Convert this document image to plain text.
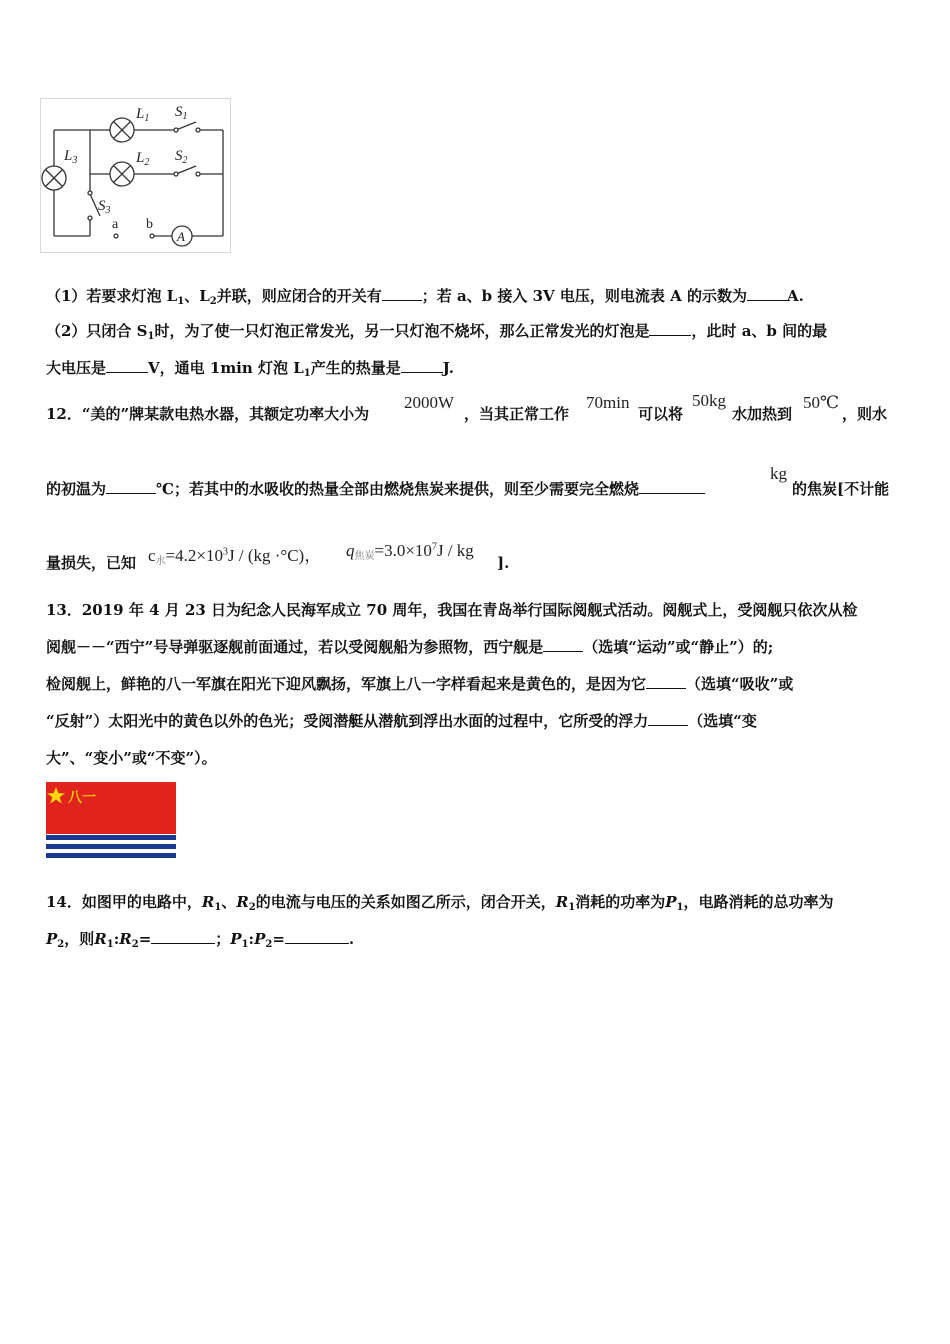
$L_1$
$L_2$
$L_3$
$S_1$
$S_2$
$S_3$
a b
A
（1）若要求灯泡 $L_1$、$L_2$并联，则应闭合的开关有	；若 a、b 接入 3V 电压，则电流表 A 的示数为	A.
（2）只闭合 $S_1$时，为了使一只灯泡正常发光，另一只灯泡不烧坏，那么正常发光的灯泡是	，此时 a、b 间的最
大电压是	V，通电 1min 灯泡 $L_1$产生的热量是	J.
12．“美的”牌某款电热水器，其额定功率大小为
2000W
，当其正常工作
70min
可以将
50kg
水加热到
50℃
，则水
的初温为	℃；若其中的水吸收的热量全部由燃烧焦炭来提供，则至少需要完全燃烧
kg
的焦炭[不计能
量损失，已知 $c_水=4.2\times 10^3J / (kg \cdot^\circ C)$， $q_{焦炭}=3.0\times 10^7J$ / kg
].
13．2019 年 4 月 23 日为纪念人民海军成立 70 周年，我国在青岛举行国际阅舰式活动。阅舰式上，受阅舰只依次从检
阅舰－－“西宁”号导弹驱逐舰前面通过，若以受阅舰船为参照物，西宁舰是	（选填“运动”或“静止”）的;
检阅舰上，鲜艳的八一军旗在阳光下迎风飘扬，军旗上八一字样看起来是黄色的，是因为它	（选填“吸收”或
“反射”）太阳光中的黄色以外的色光；受阅潜艇从潜航到浮出水面的过程中，它所受的浮力	（选填“变
大”、“变小”或“不变”）。
八一
14．如图甲的电路中，$R_1$、$R_2$的电流与电压的关系如图乙所示，闭合开关，$R_1$消耗的功率为$P_1$，电路消耗的总功率为
$P_2$，则$R_1:R_2=$	；$P_1:P_2=$	.
